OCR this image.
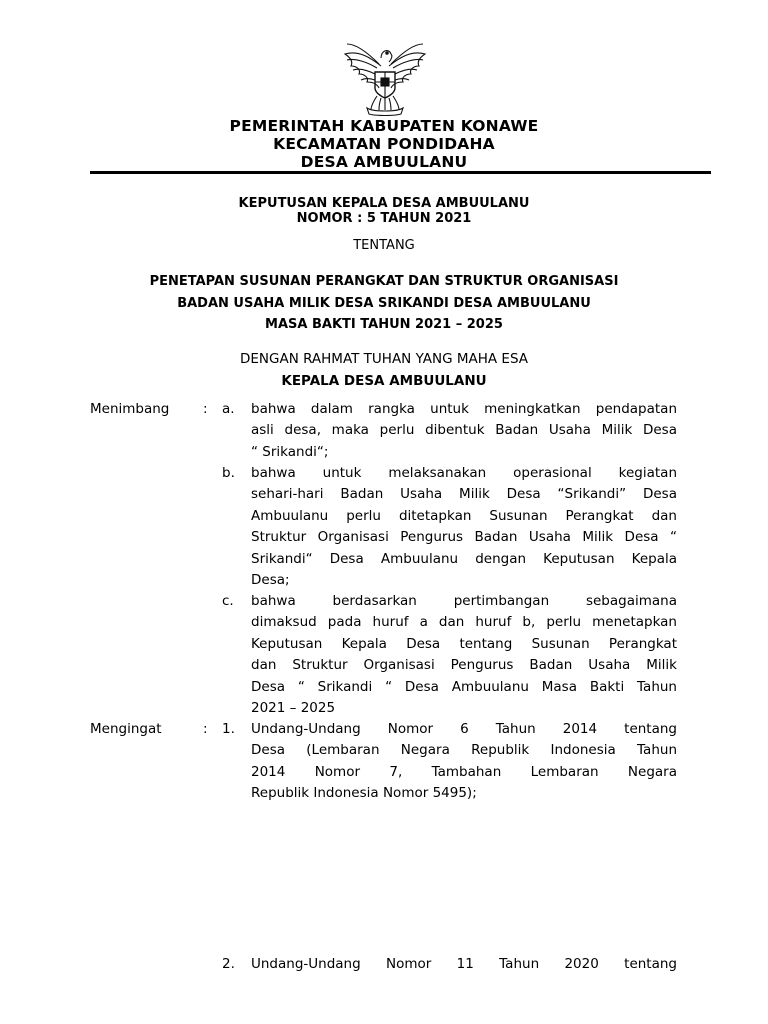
PEMERINTAH KABUPATEN KONAWE
KECAMATAN PONDIDAHA
DESA AMBUULANU
KEPUTUSAN KEPALA DESA AMBUULANU
NOMOR : 5 TAHUN 2021
TENTANG
PENETAPAN SUSUNAN PERANGKAT DAN STRUKTUR ORGANISASI
BADAN USAHA MILIK DESA SRIKANDI DESA AMBUULANU
MASA BAKTI TAHUN 2021 – 2025
DENGAN RAHMAT TUHAN YANG MAHA ESA
KEPALA DESA AMBUULANU
Menimbang : a. bahwa dalam rangka untuk meningkatkan pendapatan
asli desa, maka perlu dibentuk Badan Usaha Milik Desa
“ Srikandi“;
b. bahwa untuk melaksanakan operasional kegiatan
sehari-hari Badan Usaha Milik Desa “Srikandi” Desa
Ambuulanu perlu ditetapkan Susunan Perangkat dan
Struktur Organisasi Pengurus Badan Usaha Milik Desa “
Srikandi“ Desa Ambuulanu dengan Keputusan Kepala
Desa;
c. bahwa berdasarkan pertimbangan sebagaimana
dimaksud pada huruf a dan huruf b, perlu menetapkan
Keputusan Kepala Desa tentang Susunan Perangkat
dan Struktur Organisasi Pengurus Badan Usaha Milik
Desa “ Srikandi “ Desa Ambuulanu Masa Bakti Tahun
2021 – 2025
Mengingat	: 1. Undang-Undang Nomor 6 Tahun 2014 tentang
Desa (Lembaran Negara Republik Indonesia Tahun
2014 Nomor 7, Tambahan Lembaran Negara
Republik Indonesia Nomor 5495);
2. Undang-Undang Nomor 11 Tahun 2020 tentang
